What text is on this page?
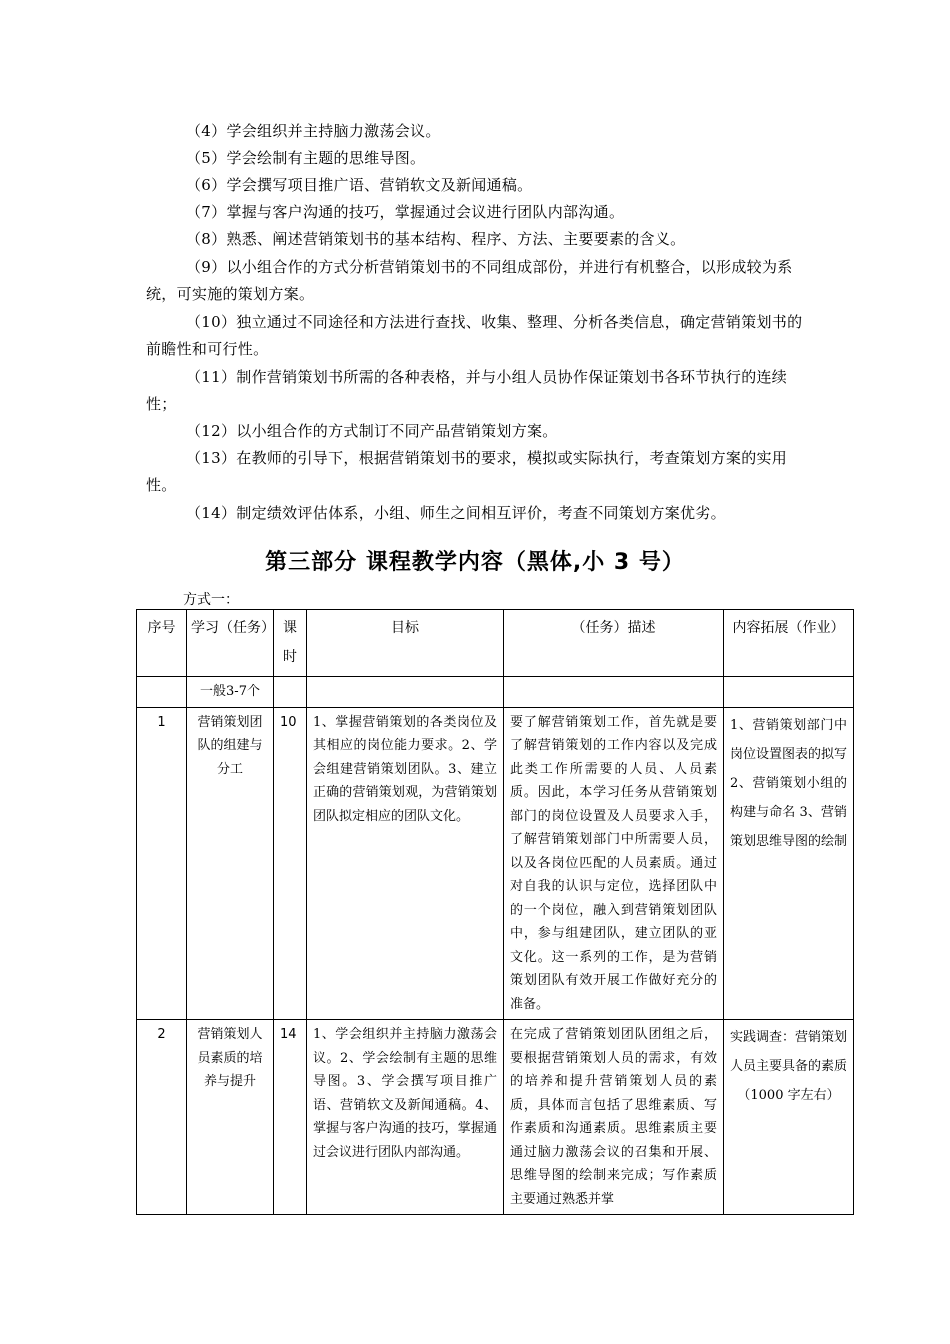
（4）学会组织并主持脑力激荡会议。

（5）学会绘制有主题的思维导图。

（6）学会撰写项目推广语、营销软文及新闻通稿。

（7）掌握与客户沟通的技巧，掌握通过会议进行团队内部沟通。

（8）熟悉、阐述营销策划书的基本结构、程序、方法、主要要素的含义。

（9）以小组合作的方式分析营销策划书的不同组成部份，并进行有机整合，以形成较为系统，可实施的策划方案。

（10）独立通过不同途径和方法进行查找、收集、整理、分析各类信息，确定营销策划书的前瞻性和可行性。

（11）制作营销策划书所需的各种表格，并与小组人员协作保证策划书各环节执行的连续性；

（12）以小组合作的方式制订不同产品营销策划方案。

（13）在教师的引导下，根据营销策划书的要求，模拟或实际执行，考查策划方案的实用性。

（14）制定绩效评估体系，小组、师生之间相互评价，考查不同策划方案优劣。

第三部分 课程教学内容（黑体,小 3 号）

方式一：

序号	学习（任务）	课时	目标	（任务）描述	内容拓展（作业）
	一般3-7个				
1	营销策划团队的组建与分工	10	1、掌握营销策划的各类岗位及其相应的岗位能力要求。2、学会组建营销策划团队。3、建立正确的营销策划观，为营销策划团队拟定相应的团队文化。	要了解营销策划工作，首先就是要了解营销策划的工作内容以及完成此类工作所需要的人员、人员素质。因此，本学习任务从营销策划部门的岗位设置及人员要求入手，了解营销策划部门中所需要人员，以及各岗位匹配的人员素质。通过对自我的认识与定位，选择团队中的一个岗位，融入到营销策划团队中，参与组建团队，建立团队的亚文化。这一系列的工作，是为营销策划团队有效开展工作做好充分的准备。	1、营销策划部门中岗位设置图表的拟写 2、营销策划小组的构建与命名 3、营销策划思维导图的绘制
2	营销策划人员素质的培养与提升	14	1、学会组织并主持脑力激荡会议。2、学会绘制有主题的思维导图。3、学会撰写项目推广语、营销软文及新闻通稿。4、掌握与客户沟通的技巧，掌握通过会议进行团队内部沟通。	在完成了营销策划团队团组之后，要根据营销策划人员的需求，有效的培养和提升营销策划人员的素质，具体而言包括了思维素质、写作素质和沟通素质。思维素质主要通过脑力激荡会议的召集和开展、思维导图的绘制来完成；写作素质主要通过熟悉并掌	实践调查：营销策划人员主要具备的素质
（1000 字左右）
